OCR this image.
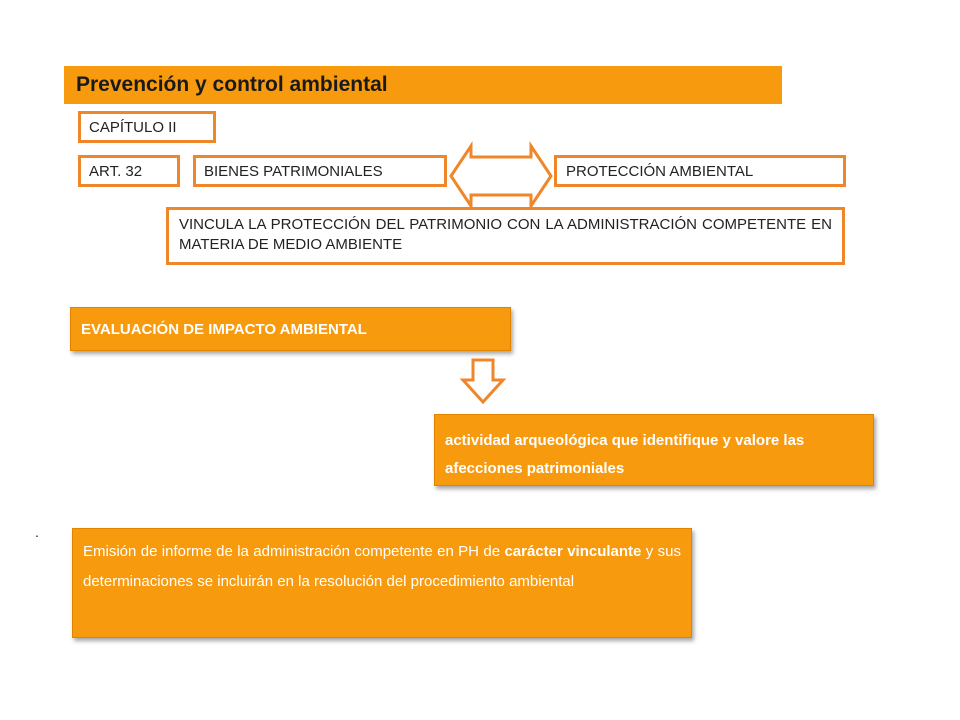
Prevención y control ambiental
CAPÍTULO II
ART. 32	BIENES PATRIMONIALES	PROTECCIÓN AMBIENTAL
VINCULA LA PROTECCIÓN DEL PATRIMONIO CON LA ADMINISTRACIÓN COMPETENTE EN MATERIA DE MEDIO AMBIENTE
EVALUACIÓN DE IMPACTO AMBIENTAL
actividad arqueológica que identifique y valore las afecciones patrimoniales
.
Emisión de informe de la administración competente en PH de carácter vinculante y sus determinaciones se incluirán en la resolución del procedimiento ambiental
